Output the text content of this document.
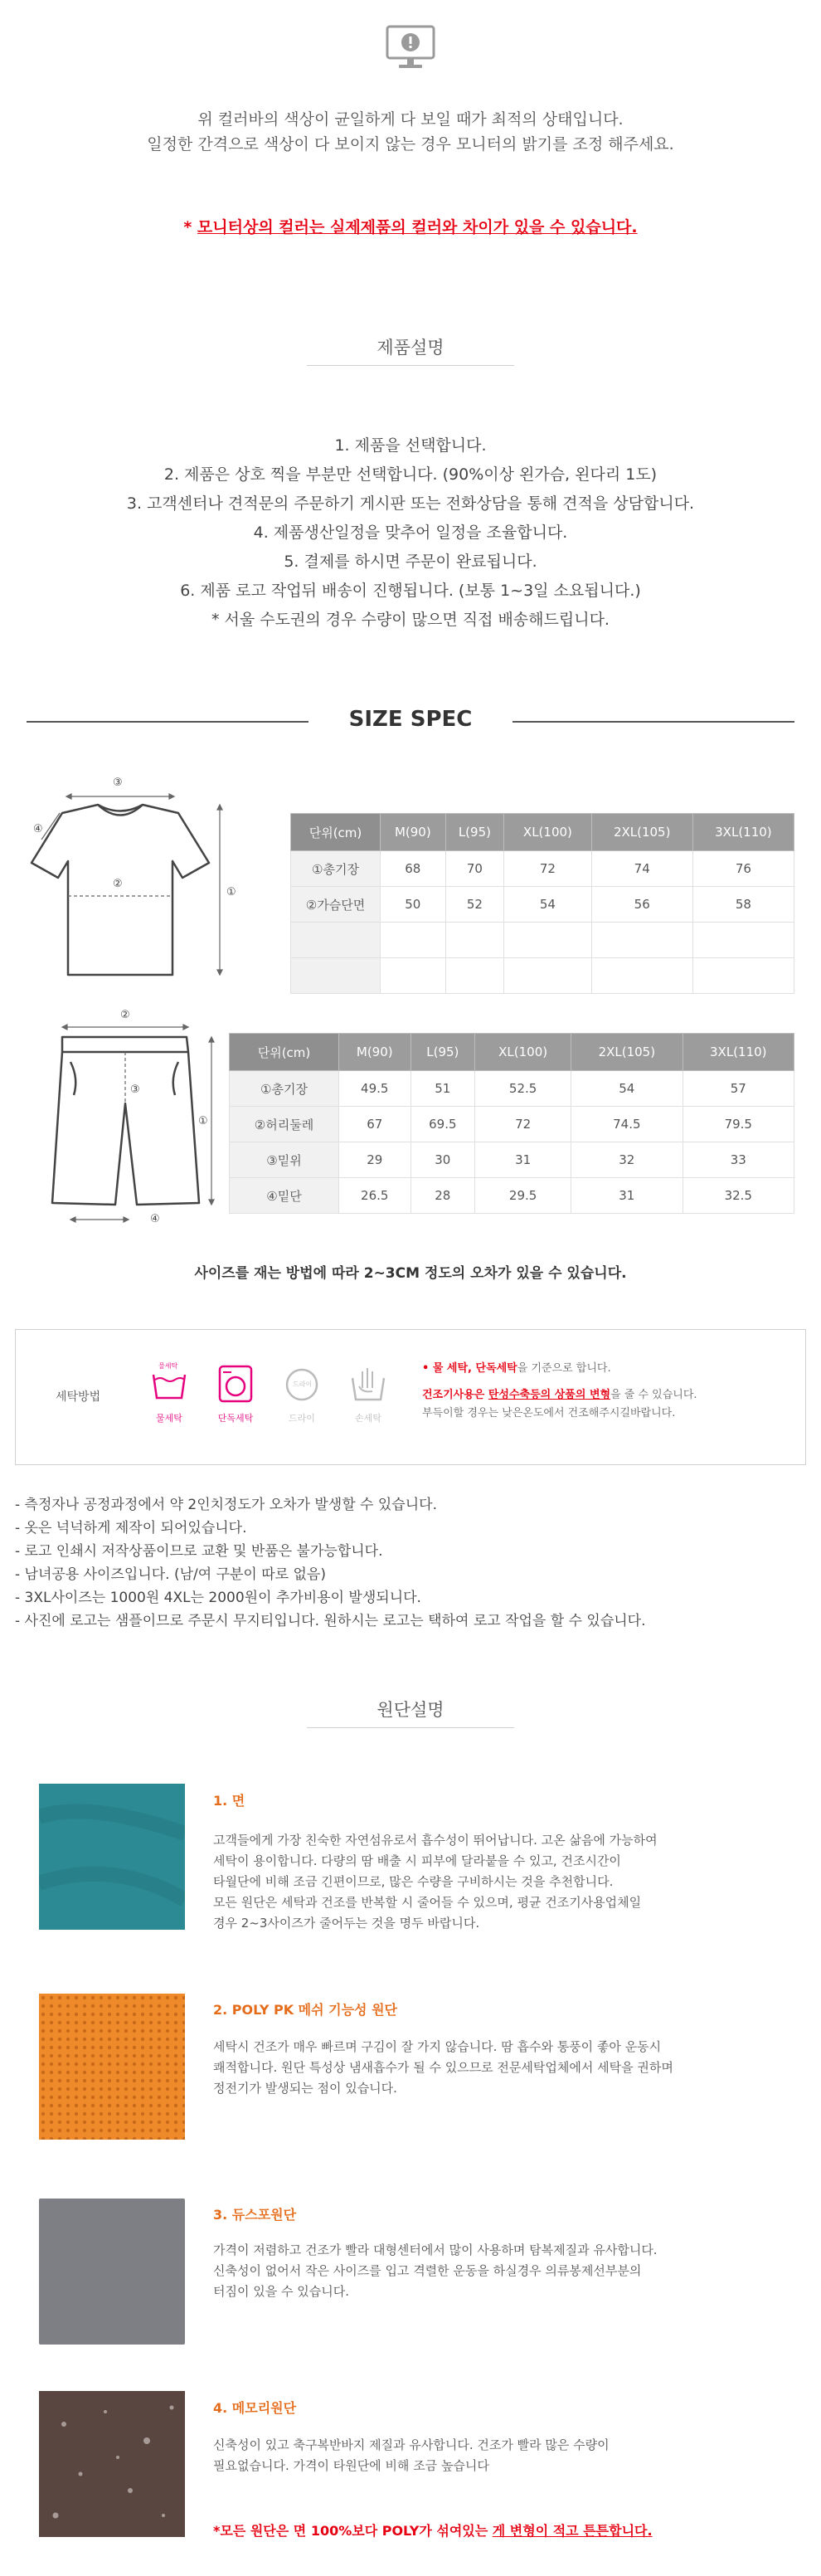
위 컬러바의 색상이 균일하게 다 보일 때가 최적의 상태입니다.
일정한 간격으로 색상이 다 보이지 않는 경우 모니터의 밝기를 조정 해주세요.
* 모니터상의 컬러는 실제제품의 컬러와 차이가 있을 수 있습니다.
제품설명
1. 제품을 선택합니다.
2. 제품은 상호 찍을 부분만 선택합니다. (90%이상 왼가슴, 왼다리 1도)
3. 고객센터나 견적문의 주문하기 게시판 또는 전화상담을 통해 견적을 상담합니다.
4. 제품생산일정을 맞추어 일정을 조율합니다.
5. 결제를 하시면 주문이 완료됩니다.
6. 제품 로고 작업뒤 배송이 진행됩니다. (보통 1~3일 소요됩니다.)
* 서울 수도권의 경우 수량이 많으면 직접 배송해드립니다.
SIZE SPEC
③
④
②
①
단위(cm)	M(90)	L(95)	XL(100)	2XL(105)	3XL(110)
①총기장	68	70	72	74	76
②가슴단면	50	52	54	56	58

②
③
①
④
단위(cm)	M(90)	L(95)	XL(100)	2XL(105)	3XL(110)
①총기장	49.5	51	52.5	54	57
②허리둘레	67	69.5	72	74.5	79.5
③밑위	29	30	31	32	33
④밑단	26.5	28	29.5	31	32.5
사이즈를 재는 방법에 따라 2~3CM 정도의 오차가 있을 수 있습니다.
세탁방법
물세탁
물세탁	단독세탁
드라이
드라이	손세탁
• 물 세탁, 단독세탁을 기준으로 합니다.
건조기사용은 탄성수축등의 상품의 변형을 줄 수 있습니다.
부득이할 경우는 낮은온도에서 건조해주시길바랍니다.
- 측정자나 공정과정에서 약 2인치정도가 오차가 발생할 수 있습니다.
- 옷은 넉넉하게 제작이 되어있습니다.
- 로고 인쇄시 저작상품이므로 교환 및 반품은 불가능합니다.
- 남녀공용 사이즈입니다. (남/여 구분이 따로 없음)
- 3XL사이즈는 1000원 4XL는 2000원이 추가비용이 발생되니다.
- 사진에 로고는 샘플이므로 주문시 무지티입니다. 원하시는 로고는 택하여 로고 작업을 할 수 있습니다.
원단설명
1. 면
고객들에게 가장 친숙한 자연섬유로서 흡수성이 뛰어납니다. 고온 삶음에 가능하여
세탁이 용이합니다. 다량의 땀 배출 시 피부에 달라붙을 수 있고, 건조시간이
타월단에 비해 조금 긴편이므로, 많은 수량을 구비하시는 것을 추천합니다.
모든 원단은 세탁과 건조를 반복할 시 줄어들 수 있으며, 평균 건조기사용업체일
경우 2~3사이즈가 줄어두는 것을 명두 바랍니다.
2. POLY PK 메쉬 기능성 원단
세탁시 건조가 매우 빠르며 구김이 잘 가지 않습니다. 땀 흡수와 통풍이 좋아 운동시
쾌적합니다. 원단 특성상 냄새흡수가 될 수 있으므로 전문세탁업체에서 세탁을 권하며
정전기가 발생되는 점이 있습니다.
3. 듀스포원단
가격이 저렴하고 건조가 빨라 대형센터에서 많이 사용하며 탐복제질과 유사합니다.
신축성이 없어서 작은 사이즈를 입고 격렬한 운동을 하실경우 의류봉제선부분의
터짐이 있을 수 있습니다.
4. 메모리원단
신축성이 있고 축구복반바지 제질과 유사합니다. 건조가 빨라 많은 수량이
필요없습니다. 가격이 타원단에 비해 조금 높습니다
*모든 원단은 면 100%보다 POLY가 섞여있는 게 변형이 적고 튼튼합니다.
